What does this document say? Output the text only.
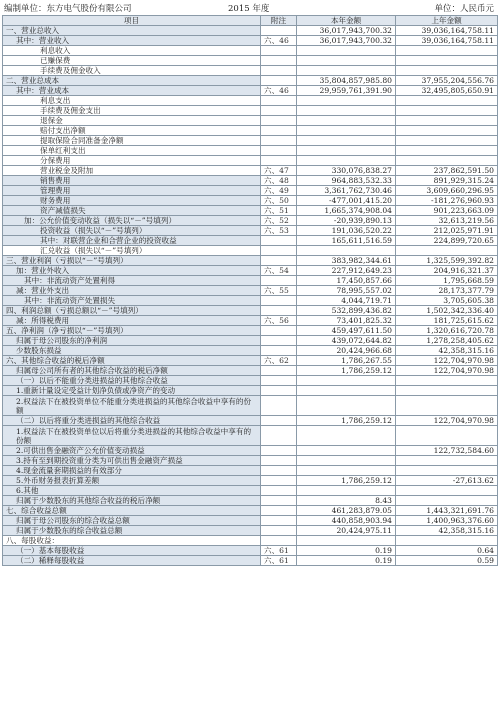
编制单位：东方电气股份有限公司	2015 年度	单位：人民币元
项目	附注	本年金额	上年金额
一、营业总收入		36,017,943,700.32	39,036,164,758.11
其中：营业收入	六、46	36,017,943,700.32	39,036,164,758.11
利息收入			
已赚保费			
手续费及佣金收入			
二、营业总成本		35,804,857,985.80	37,955,204,556.76
其中：营业成本	六、46	29,959,761,391.90	32,495,805,650.91
利息支出			
手续费及佣金支出			
退保金			
赔付支出净额			
提取保险合同准备金净额			
保单红利支出			
分保费用			
营业税金及附加	六、47	330,076,838.27	237,862,591.50
销售费用	六、48	964,883,532.33	891,929,315.24
管理费用	六、49	3,361,762,730.46	3,609,660,296.95
财务费用	六、50	-477,001,415.20	-181,276,960.93
资产减值损失	六、51	1,665,374,908.04	901,223,663.09
加：公允价值变动收益（损失以“－”号填列）	六、52	-20,939,890.13	32,613,219.56
投资收益（损失以“－”号填列）	六、53	191,036,520.22	212,025,971.91
其中：对联营企业和合营企业的投资收益		165,611,516.59	224,899,720.65
汇兑收益（损失以“－”号填列）			
三、营业利润（亏损以“－”号填列）		383,982,344.61	1,325,599,392.82
加：营业外收入	六、54	227,912,649.23	204,916,321.37
其中：非流动资产处置利得		17,450,857.66	1,795,668.59
减：营业外支出	六、55	78,995,557.02	28,173,377.79
其中：非流动资产处置损失		4,044,719.71	3,705,605.38
四、利润总额（亏损总额以“－”号填列）		532,899,436.82	1,502,342,336.40
减：所得税费用	六、56	73,401,825.32	181,725,615.62
五、净利润（净亏损以“－”号填列）		459,497,611.50	1,320,616,720.78
归属于母公司股东的净利润		439,072,644.82	1,278,258,405.62
少数股东损益		20,424,966.68	42,358,315.16
六、其他综合收益的税后净额	六、62	1,786,267.55	122,704,970.98
归属母公司所有者的其他综合收益的税后净额		1,786,259.12	122,704,970.98
（一）以后不能重分类进损益的其他综合收益			
1.重新计量设定受益计划净负债或净资产的变动			
2.权益法下在被投资单位不能重分类进损益的其他综合收益中享有的份额			
（二）以后将重分类进损益的其他综合收益		1,786,259.12	122,704,970.98
1.权益法下在被投资单位以后将重分类进损益的其他综合收益中享有的份额			
2.可供出售金融资产公允价值变动损益			122,732,584.60
3.持有至到期投资重分类为可供出售金融资产损益			
4.现金流量套期损益的有效部分			
5.外币财务报表折算差额		1,786,259.12	-27,613.62
6.其他			
归属于少数股东的其他综合收益的税后净额		8.43	
七、综合收益总额		461,283,879.05	1,443,321,691.76
归属于母公司股东的综合收益总额		440,858,903.94	1,400,963,376.60
归属于少数股东的综合收益总额		20,424,975.11	42,358,315.16
八、每股收益：			
（一）基本每股收益	六、61	0.19	0.64
（二）稀释每股收益	六、61	0.19	0.59
